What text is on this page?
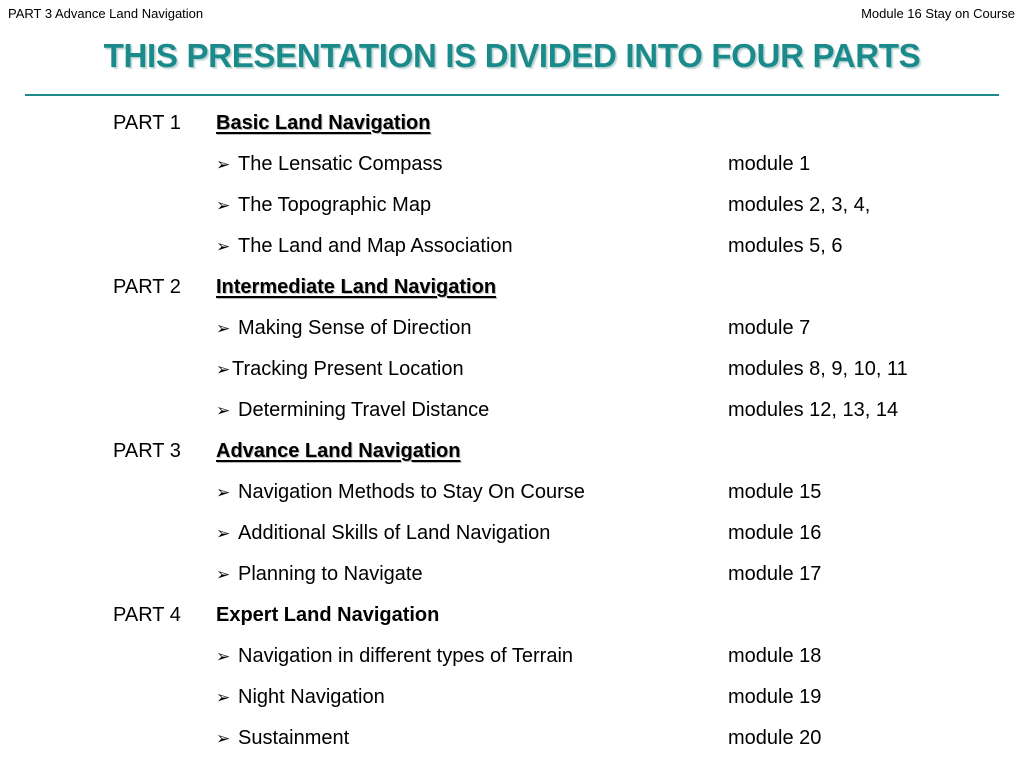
PART 3 Advance Land Navigation	Module 16 Stay on Course
THIS PRESENTATION IS DIVIDED INTO FOUR PARTS
PART 1 Basic Land Navigation
➢ The Lensatic Compass	module 1
➢ The Topographic Map	modules 2, 3, 4,
➢ The Land and Map Association	modules 5, 6
PART 2 Intermediate Land Navigation
➢ Making Sense of Direction	module 7
➢Tracking Present Location	modules 8, 9, 10, 11
➢ Determining Travel Distance	modules 12, 13, 14
PART 3 Advance Land Navigation
➢ Navigation Methods to Stay On Course	module 15
➢ Additional Skills of Land Navigation	module 16
➢ Planning to Navigate	module 17
PART 4 Expert Land Navigation
➢ Navigation in different types of Terrain	module 18
➢ Night Navigation	module 19
➢ Sustainment	module 20
